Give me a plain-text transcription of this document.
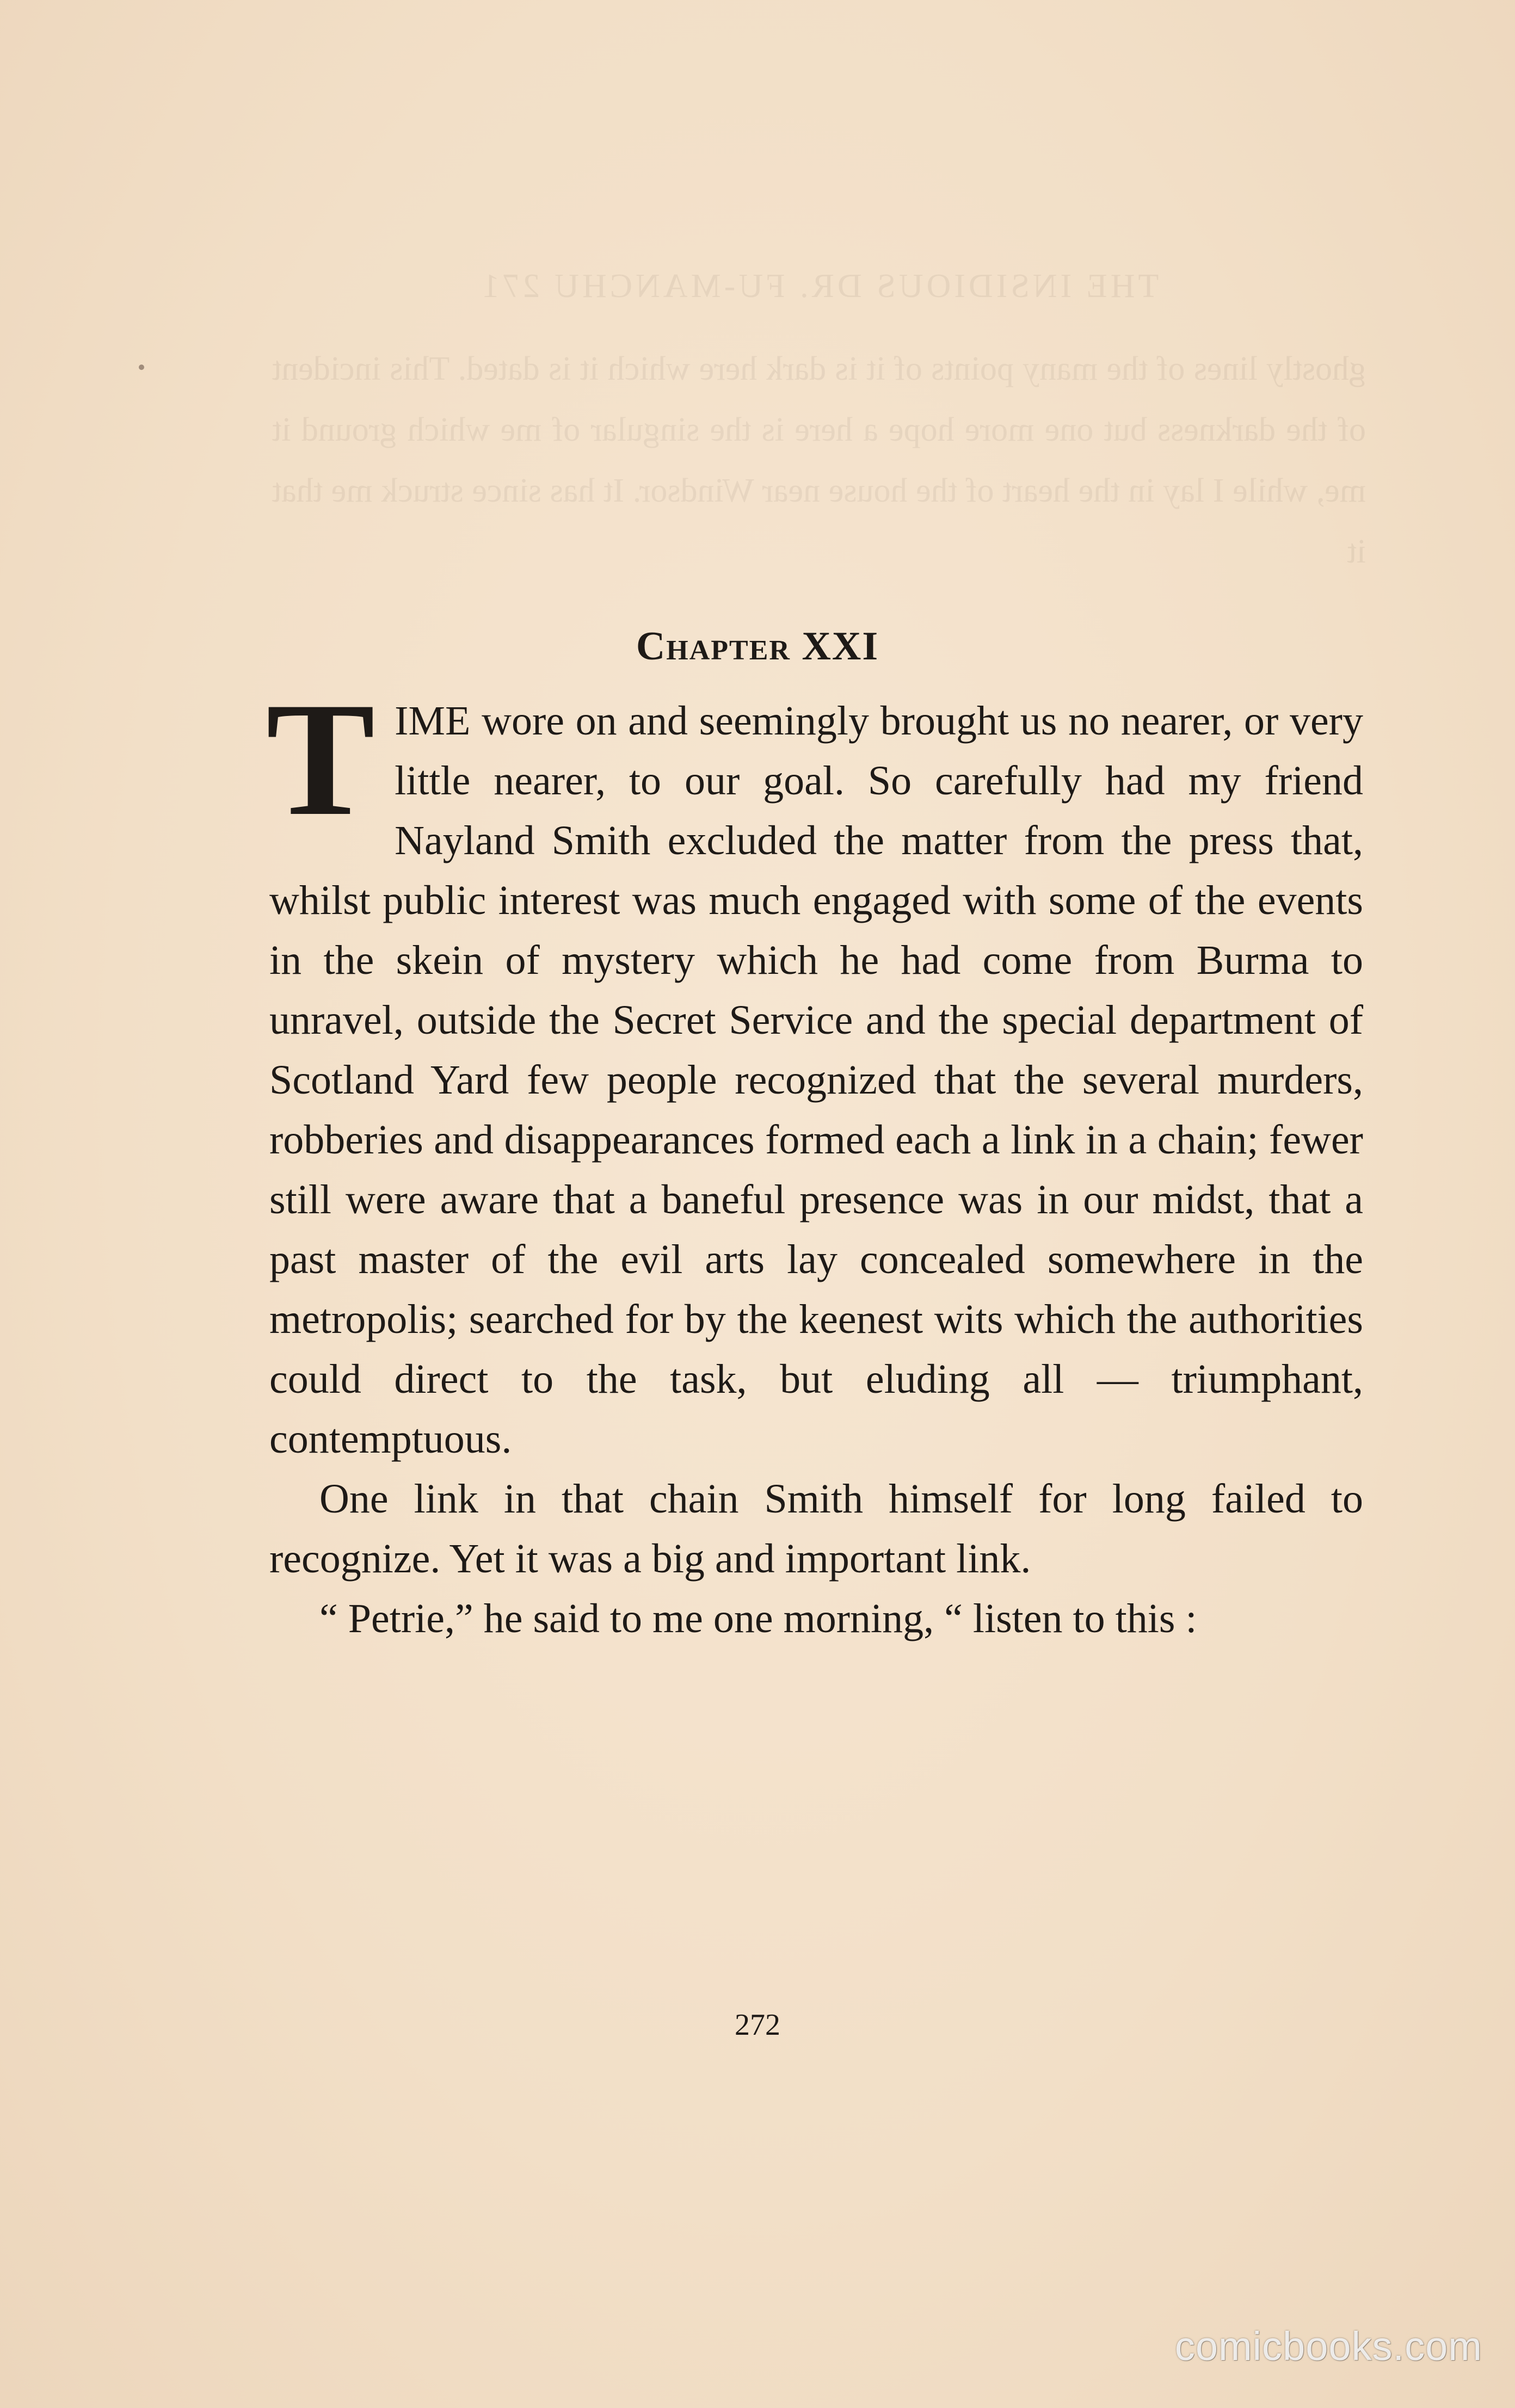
THE INSIDIOUS DR. FU-MANCHU 271
ghostly lines of the many points of it is dark here which it is dated. This incident of the darkness but one more hope a here is the singular of me which ground it me, while I lay in the heart of the house near Windsor. It has since struck me that it
Chapter XXI

TIME wore on and seemingly brought us no nearer, or very little nearer, to our goal. So carefully had my friend Nayland Smith excluded the matter from the press that, whilst public interest was much engaged with some of the events in the skein of mystery which he had come from Burma to unravel, outside the Secret Service and the special department of Scotland Yard few people recognized that the several murders, robberies and disappearances formed each a link in a chain; fewer still were aware that a baneful presence was in our midst, that a past master of the evil arts lay concealed somewhere in the metropolis; searched for by the keenest wits which the authorities could direct to the task, but eluding all — triumphant, contemptuous.

One link in that chain Smith himself for long failed to recognize. Yet it was a big and important link.

“ Petrie,” he said to me one morning, “ listen to this :

272
comicbooks.com
